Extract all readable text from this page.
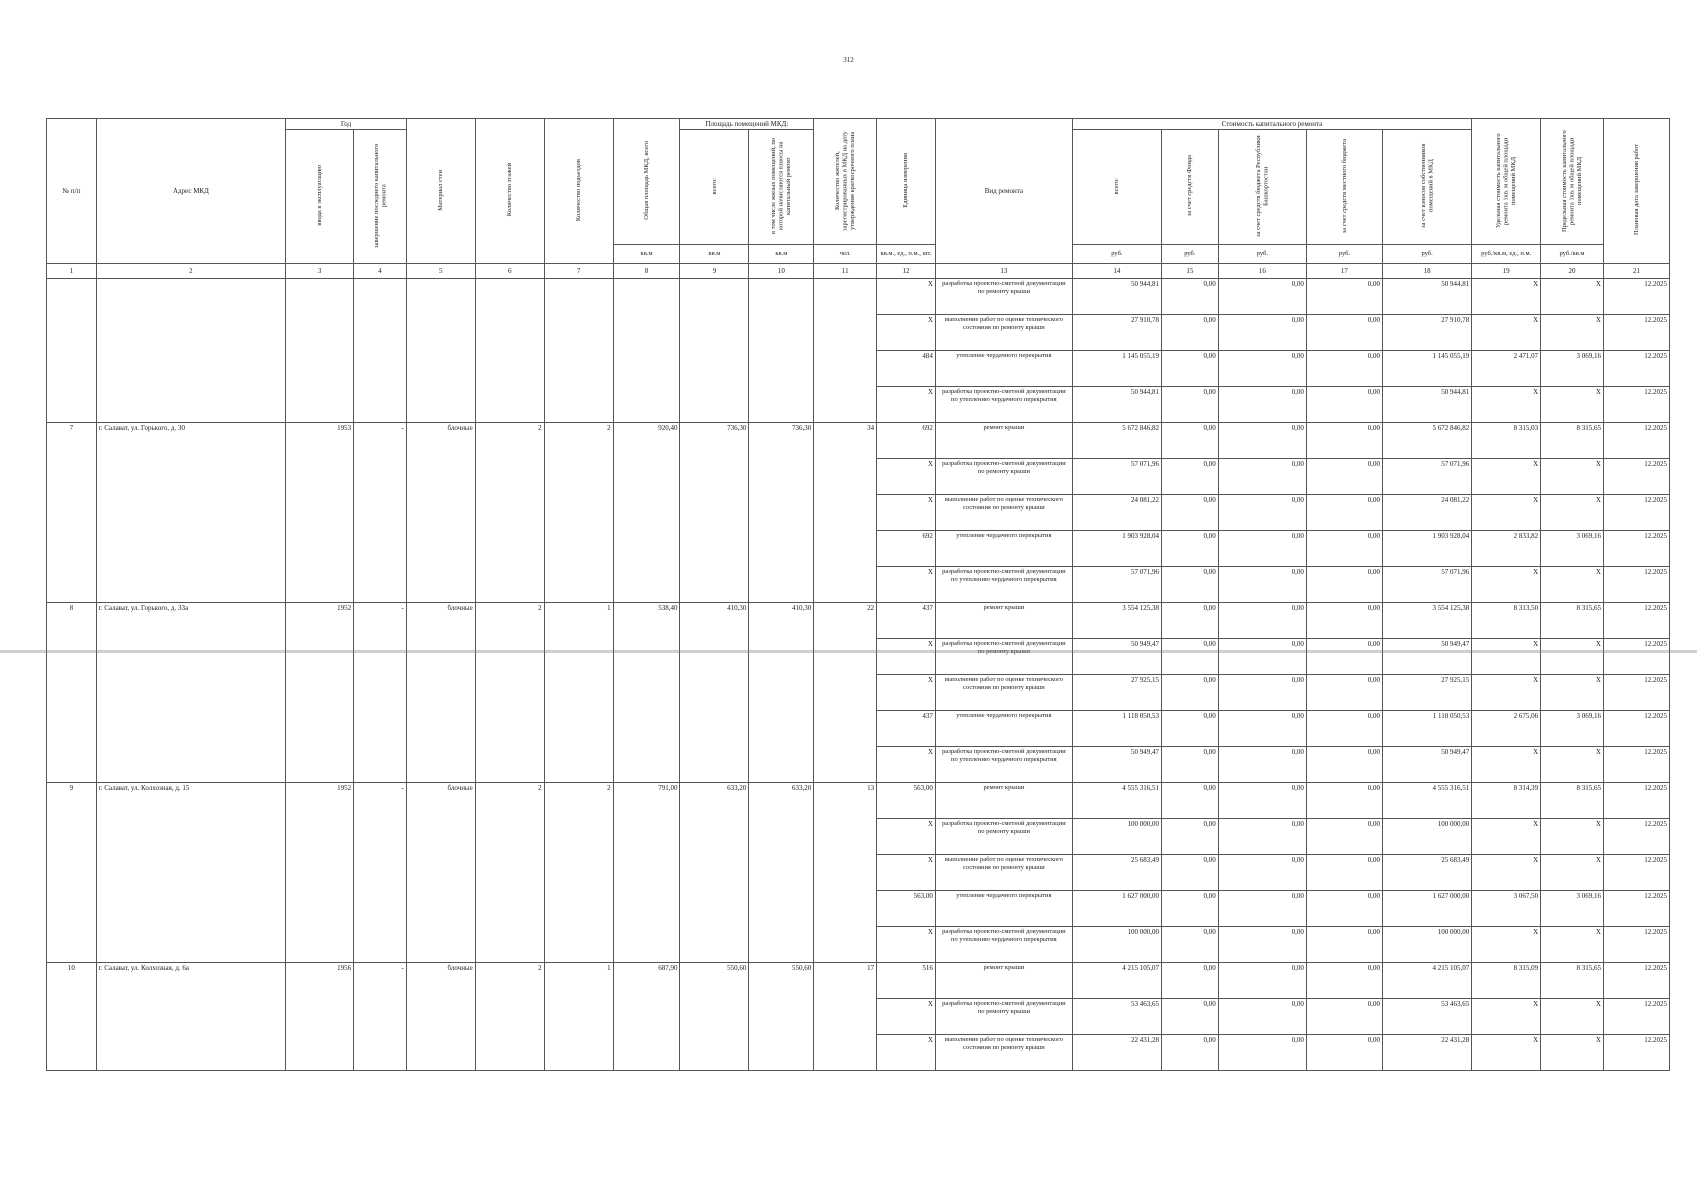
312
№ п/п	Адрес МКД	Год		Материал стен	Количество этажей	Количество подъездов	Общая площадь МКД, всего	Площадь помещений МКД:		Количество жителей, зарегистрированных в МКД на дату утверждения краткосрочного плана	Единица измерения	Вид ремонта	Стоимость капитального ремонта					Удельная стоимость капитального ремонта 1кв. м общей площади помещений МКД	Предельная стоимость капитального ремонта 1кв. м общей площади помещений МКД	Плановая дата завершения работ
		ввода в эксплуатацию	завершение последнего капитального ремонта					всего:	в том числе жилых помещений, по которой начисляются взносы на капитальный ремонт				всего:	за счет средств Фонда	за счет средств бюджета Республики Башкортостан	за счет средств местного бюджета	за счет взносов собственников помещений в МКД			
							кв.м	кв.м	кв.м	чел.	кв.м., ед., п.м., шт.		руб.	руб.	руб.	руб.	руб.	руб./кв.м, ед., п.м.	руб./кв.м	
1	2	3	4	5	6	7	8	9	10	11	12	13	14	15	16	17	18	19	20	21
											X	разработка проектно-сметной документации по ремонту крыши	50 944,81	0,00	0,00	0,00	50 944,81	X	X	12.2025
											X	выполнение работ по оценке технического состояния по ремонту крыши	27 910,78	0,00	0,00	0,00	27 910,78	X	X	12.2025
											484	утепление чердачного перекрытия	1 145 055,19	0,00	0,00	0,00	1 145 055,19	2 471,07	3 069,16	12.2025
											X	разработка проектно-сметной документации по утеплению чердачного перекрытия	50 944,81	0,00	0,00	0,00	50 944,81	X	X	12.2025
7	г. Салават, ул. Горького, д. 30	1953	-	блочные	2	2	920,40	736,30	736,30	34	692	ремонт крыши	5 672 846,82	0,00	0,00	0,00	5 672 846,82	8 315,03	8 315,65	12.2025
											X	разработка проектно-сметной документации по ремонту крыши	57 071,96	0,00	0,00	0,00	57 071,96	X	X	12.2025
											X	выполнение работ по оценке технического состояния по ремонту крыши	24 081,22	0,00	0,00	0,00	24 081,22	X	X	12.2025
											692	утепление чердачного перекрытия	1 903 928,04	0,00	0,00	0,00	1 903 928,04	2 833,82	3 069,16	12.2025
											X	разработка проектно-сметной документации по утеплению чердачного перекрытия	57 071,96	0,00	0,00	0,00	57 071,96	X	X	12.2025
8	г. Салават, ул. Горького, д. 33а	1952	-	блочные	2	1	538,40	410,30	410,30	22	437	ремонт крыши	3 554 125,38	0,00	0,00	0,00	3 554 125,38	8 313,50	8 315,65	12.2025
											X	разработка проектно-сметной документации по ремонту крыши	50 949,47	0,00	0,00	0,00	50 949,47	X	X	12.2025
											X	выполнение работ по оценке технического состояния по ремонту крыши	27 925,15	0,00	0,00	0,00	27 925,15	X	X	12.2025
											437	утепление чердачного перекрытия	1 118 050,53	0,00	0,00	0,00	1 118 050,53	2 675,06	3 069,16	12.2025
											X	разработка проектно-сметной документации по утеплению чердачного перекрытия	50 949,47	0,00	0,00	0,00	50 949,47	X	X	12.2025
9	г. Салават, ул. Колхозная, д. 15	1952	-	блочные	2	2	791,00	633,20	633,20	13	563,00	ремонт крыши	4 555 316,51	0,00	0,00	0,00	4 555 316,51	8 314,39	8 315,65	12.2025
											X	разработка проектно-сметной документации по ремонту крыши	100 000,00	0,00	0,00	0,00	100 000,00	X	X	12.2025
											X	выполнение работ по оценке технического состояния по ремонту крыши	25 683,49	0,00	0,00	0,00	25 683,49	X	X	12.2025
											563,00	утепление чердачного перекрытия	1 627 000,00	0,00	0,00	0,00	1 627 000,00	3 067,50	3 069,16	12.2025
											X	разработка проектно-сметной документации по утеплению чердачного перекрытия	100 000,00	0,00	0,00	0,00	100 000,00	X	X	12.2025
10	г. Салават, ул. Колхозная, д. 6а	1956	-	блочные	2	1	687,90	550,60	550,60	17	516	ремонт крыши	4 215 105,07	0,00	0,00	0,00	4 215 105,07	8 315,09	8 315,65	12.2025
											X	разработка проектно-сметной документации по ремонту крыши	53 463,65	0,00	0,00	0,00	53 463,65	X	X	12.2025
											X	выполнение работ по оценке технического состояния по ремонту крыши	22 431,28	0,00	0,00	0,00	22 431,28	X	X	12.2025
